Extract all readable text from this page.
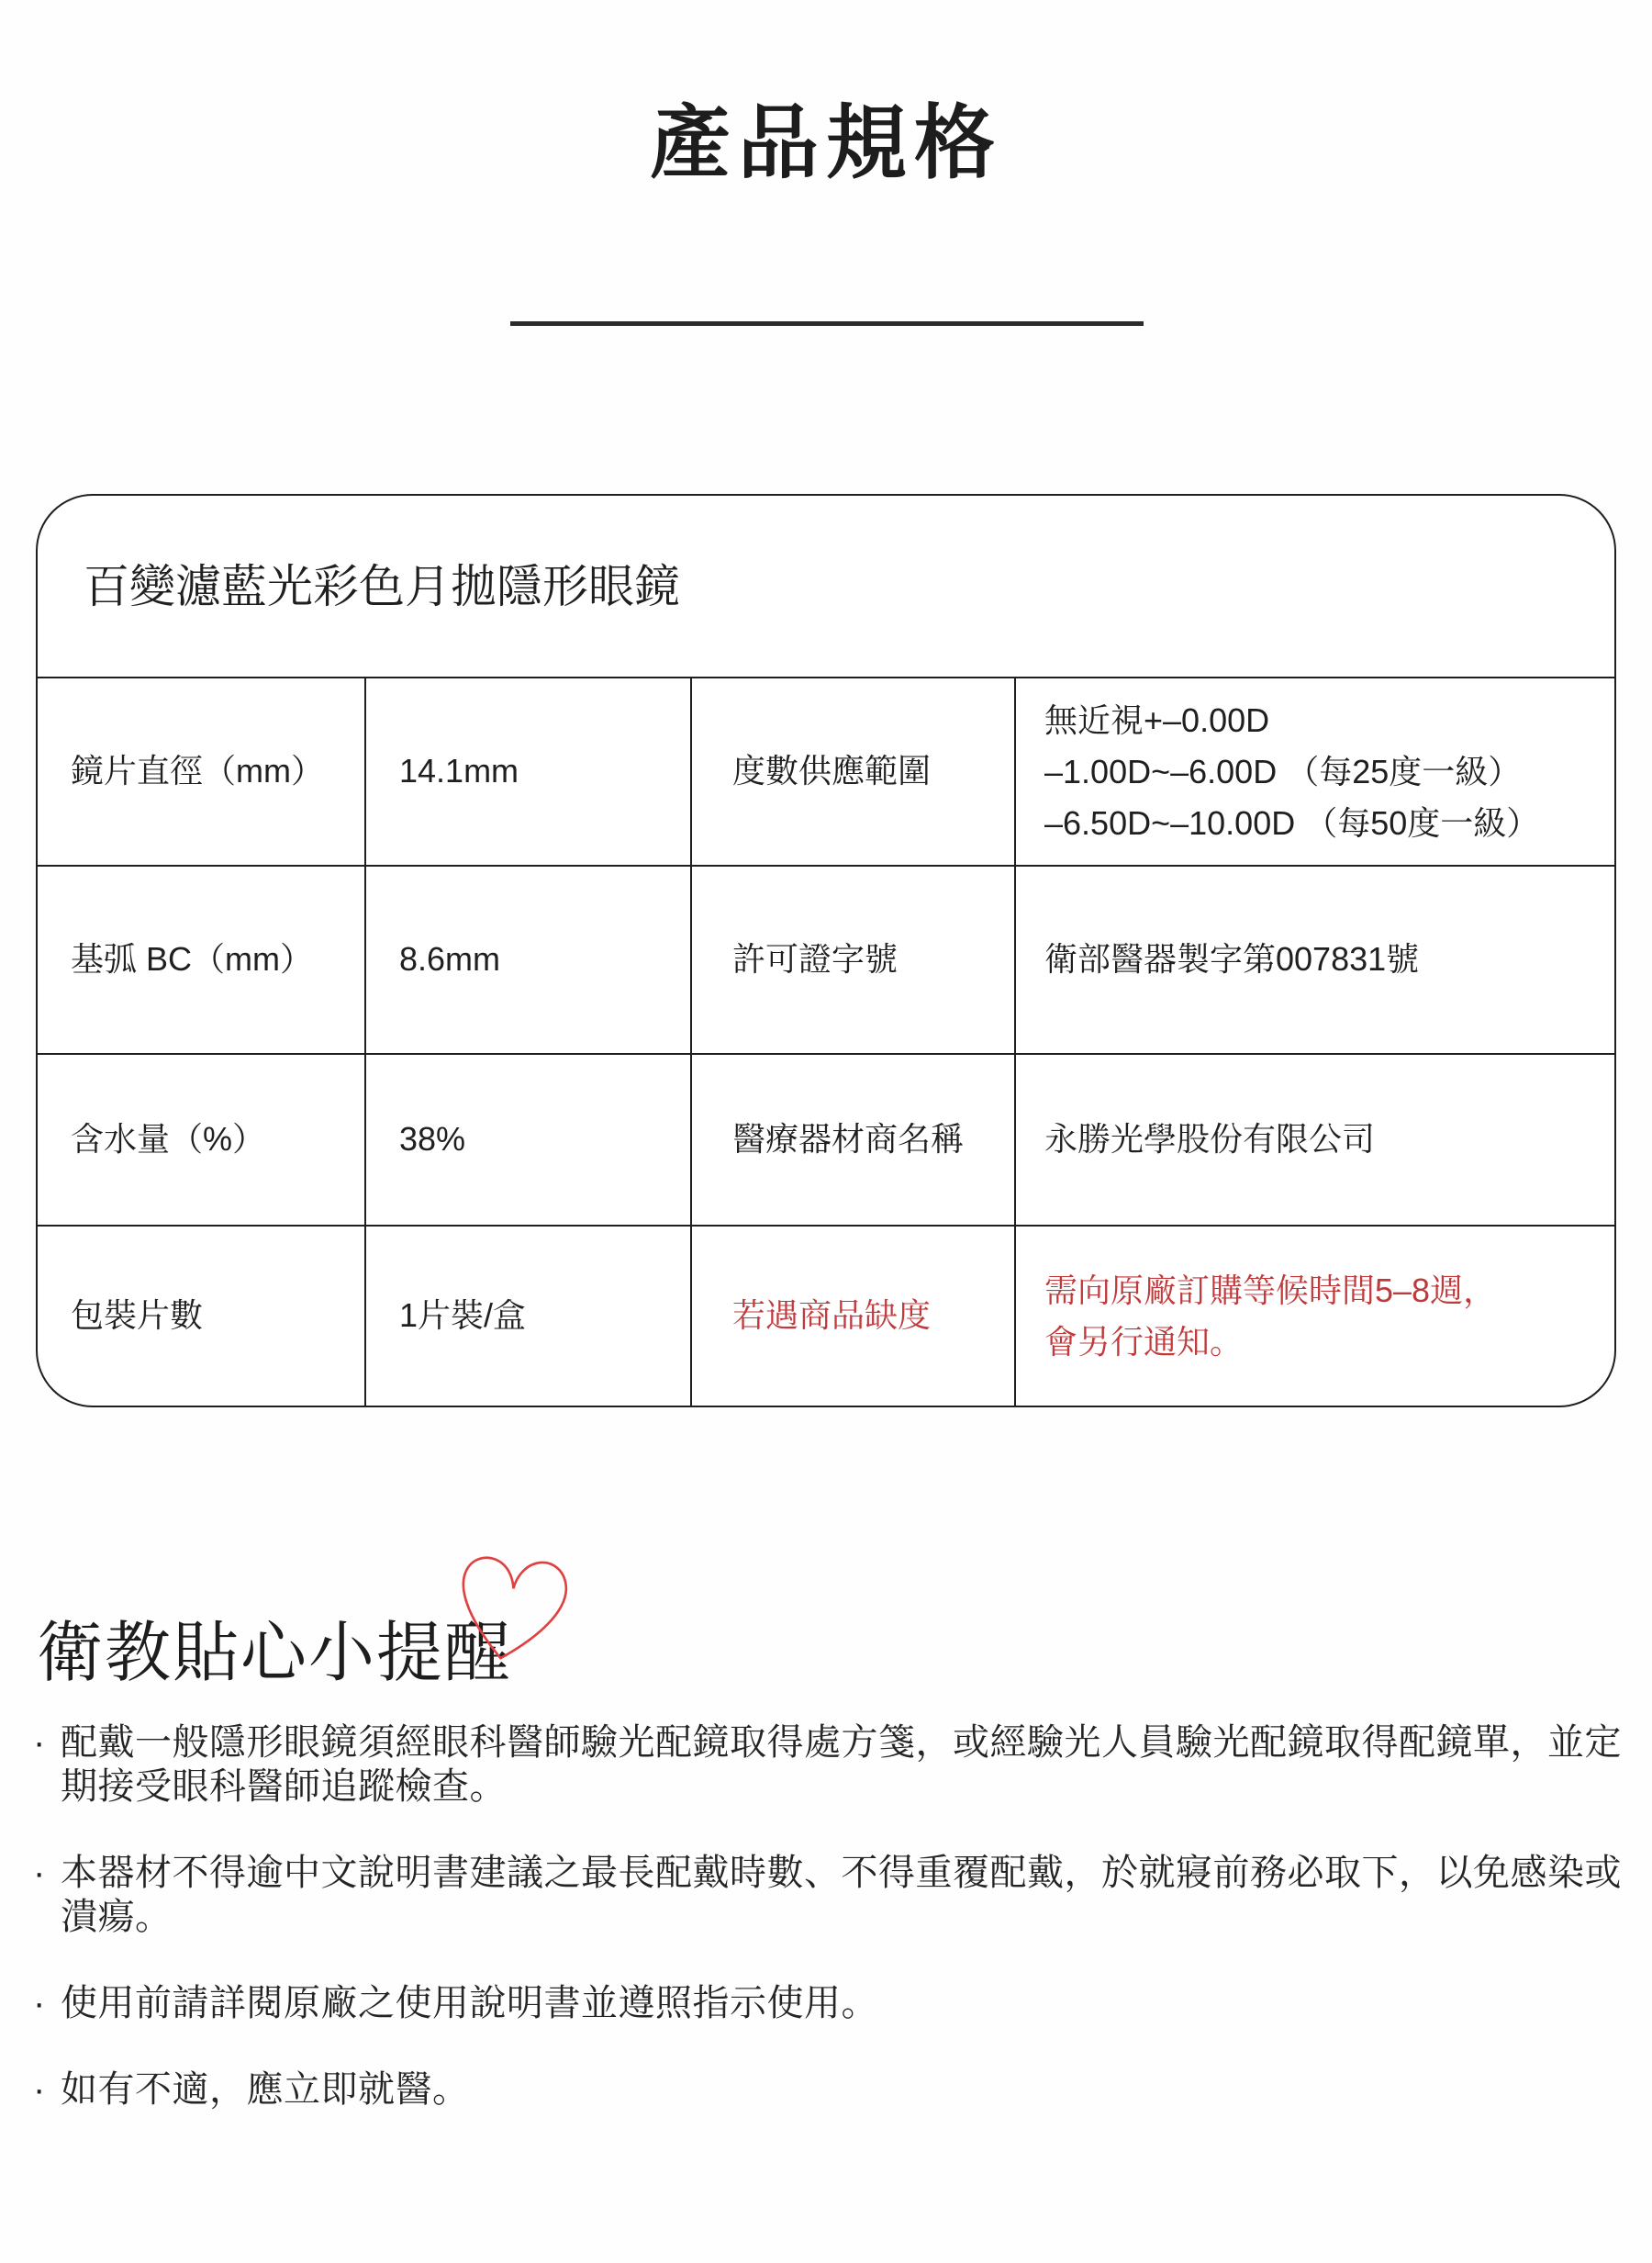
產品規格
百變濾藍光彩色月拋隱形眼鏡
鏡片直徑（mm）	14.1mm	度數供應範圍
無近視+–0.00D
–1.00D~–6.00D （每25度一級）
–6.50D~–10.00D （每50度一級）
基弧 BC（mm）	8.6mm	許可證字號	衛部醫器製字第007831號
含水量（%）	38%	醫療器材商名稱	永勝光學股份有限公司
包裝片數	1片裝/盒	若遇商品缺度
需向原廠訂購等候時間5–8週，
會另行通知。
衛教貼心小提醒
· 配戴一般隱形眼鏡須經眼科醫師驗光配鏡取得處方箋，或經驗光人員驗光配鏡取得配鏡單，並定期接受眼科醫師追蹤檢查。

· 本器材不得逾中文說明書建議之最長配戴時數、不得重覆配戴，於就寢前務必取下，以免感染或潰瘍。

· 使用前請詳閱原廠之使用說明書並遵照指示使用。

· 如有不適，應立即就醫。
